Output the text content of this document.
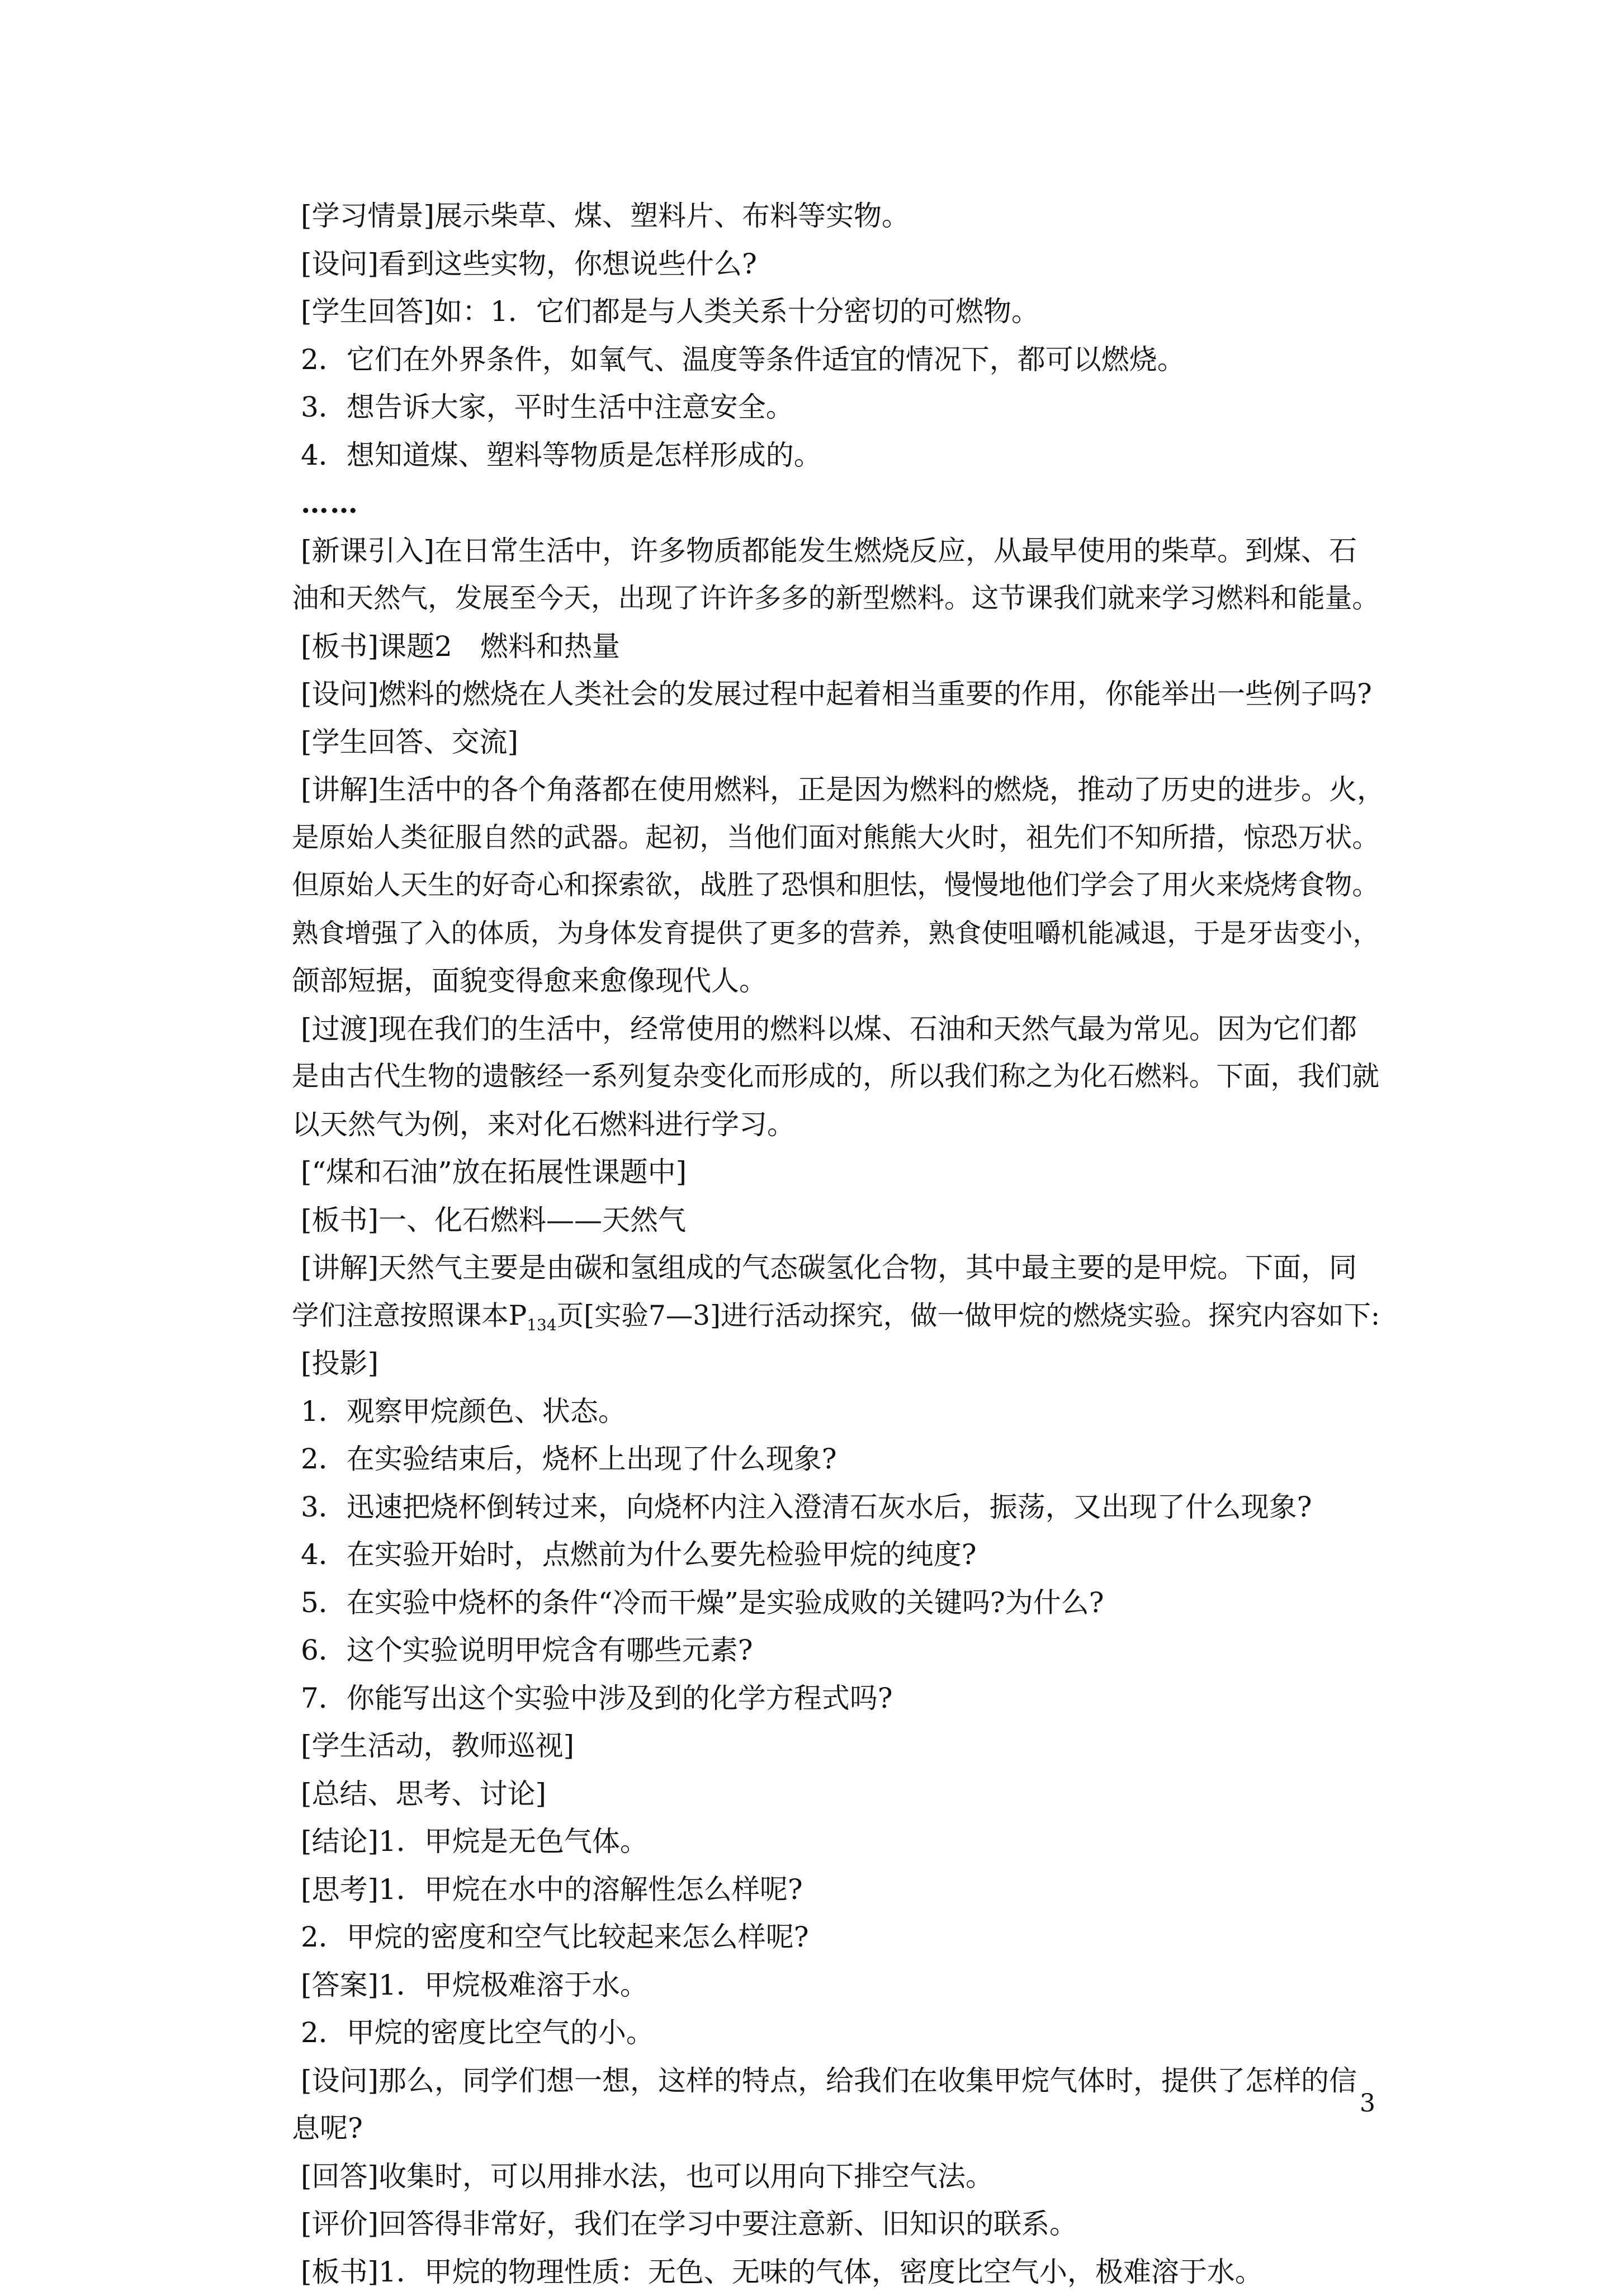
[学习情景]展示柴草、煤、塑料片、布料等实物。
[设问]看到这些实物，你想说些什么?
[学生回答]如：1．它们都是与人类关系十分密切的可燃物。
2．它们在外界条件，如氧气、温度等条件适宜的情况下，都可以燃烧。
3．想告诉大家，平时生活中注意安全。
4．想知道煤、塑料等物质是怎样形成的。
……
[新课引入]在日常生活中，许多物质都能发生燃烧反应，从最早使用的柴草。到煤、石
油和天然气，发展至今天，出现了许许多多的新型燃料。这节课我们就来学习燃料和能量。
[板书]课题2　燃料和热量
[设问]燃料的燃烧在人类社会的发展过程中起着相当重要的作用，你能举出一些例子吗?
[学生回答、交流]
[讲解]生活中的各个角落都在使用燃料，正是因为燃料的燃烧，推动了历史的进步。火，
是原始人类征服自然的武器。起初，当他们面对熊熊大火时，祖先们不知所措，惊恐万状。
但原始人天生的好奇心和探索欲，战胜了恐惧和胆怯，慢慢地他们学会了用火来烧烤食物。
熟食增强了入的体质，为身体发育提供了更多的营养，熟食使咀嚼机能减退，于是牙齿变小，
颌部短据，面貌变得愈来愈像现代人。
[过渡]现在我们的生活中，经常使用的燃料以煤、石油和天然气最为常见。因为它们都
是由古代生物的遗骸经一系列复杂变化而形成的，所以我们称之为化石燃料。下面，我们就
以天然气为例，来对化石燃料进行学习。
[“煤和石油”放在拓展性课题中]
[板书]一、化石燃料——天然气
[讲解]天然气主要是由碳和氢组成的气态碳氢化合物，其中最主要的是甲烷。下面，同
学们注意按照课本$P_{134}$页[实验7—3]进行活动探究，做一做甲烷的燃烧实验。探究内容如下:
[投影]
1．观察甲烷颜色、状态。
2．在实验结束后，烧杯上出现了什么现象?
3．迅速把烧杯倒转过来，向烧杯内注入澄清石灰水后，振荡，又出现了什么现象?
4．在实验开始时，点燃前为什么要先检验甲烷的纯度?
5．在实验中烧杯的条件“冷而干燥”是实验成败的关键吗?为什么?
6．这个实验说明甲烷含有哪些元素?
7．你能写出这个实验中涉及到的化学方程式吗?
[学生活动，教师巡视]
[总结、思考、讨论]
[结论]1．甲烷是无色气体。
[思考]1．甲烷在水中的溶解性怎么样呢?
2．甲烷的密度和空气比较起来怎么样呢?
[答案]1．甲烷极难溶于水。
2．甲烷的密度比空气的小。
[设问]那么，同学们想一想，这样的特点，给我们在收集甲烷气体时，提供了怎样的信
息呢?
[回答]收集时，可以用排水法，也可以用向下排空气法。
[评价]回答得非常好，我们在学习中要注意新、旧知识的联系。
[板书]1．甲烷的物理性质：无色、无味的气体，密度比空气小，极难溶于水。
3
